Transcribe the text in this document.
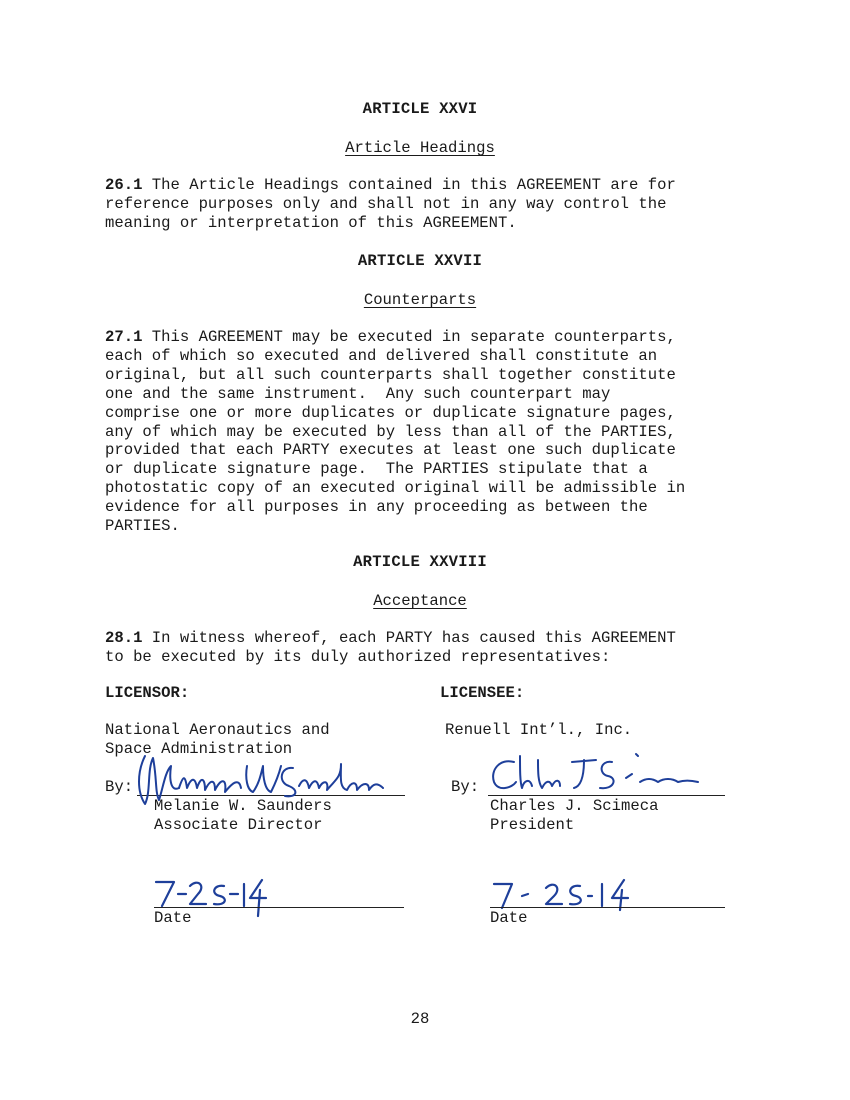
ARTICLE XXVI
Article Headings
26.1 The Article Headings contained in this AGREEMENT are for
reference purposes only and shall not in any way control the
meaning or interpretation of this AGREEMENT.
ARTICLE XXVII
Counterparts
27.1 This AGREEMENT may be executed in separate counterparts,
each of which so executed and delivered shall constitute an
original, but all such counterparts shall together constitute
one and the same instrument.  Any such counterpart may
comprise one or more duplicates or duplicate signature pages,
any of which may be executed by less than all of the PARTIES,
provided that each PARTY executes at least one such duplicate
or duplicate signature page.  The PARTIES stipulate that a
photostatic copy of an executed original will be admissible in
evidence for all purposes in any proceeding as between the
PARTIES.
ARTICLE XXVIII
Acceptance
28.1 In witness whereof, each PARTY has caused this AGREEMENT
to be executed by its duly authorized representatives:
LICENSOR:
National Aeronautics and
Space Administration
By:
Melanie W. Saunders
Associate Director
Date
LICENSEE:
Renuell Int’l., Inc.
By:
Charles J. Scimeca
President
Date
28
